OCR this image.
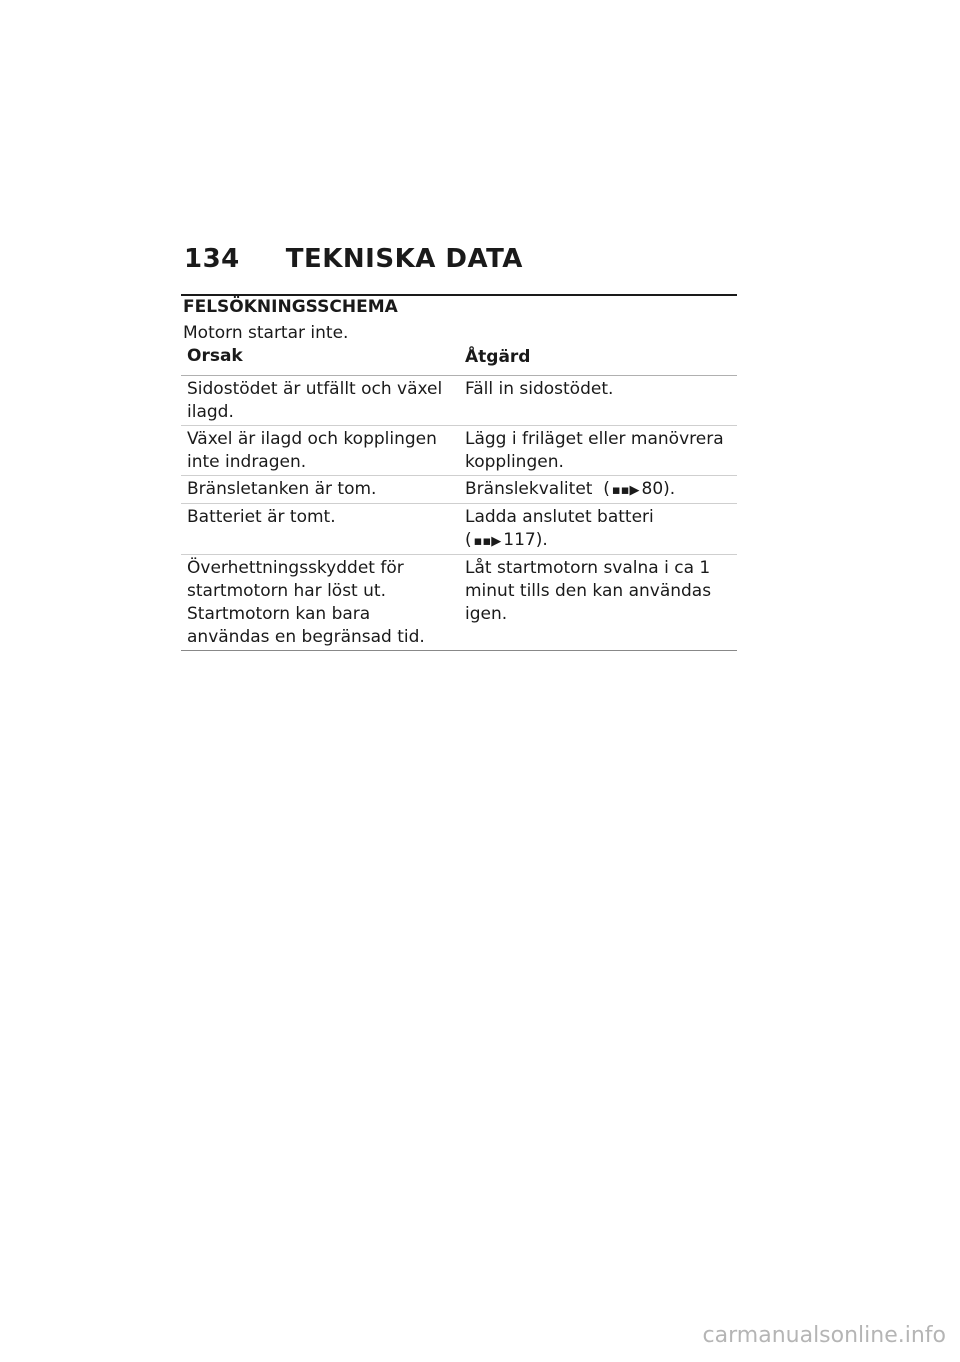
134 TEKNISKA DATA
FELSÖKNINGSSCHEMA
Motorn startar inte.
Orsak	Åtgärd
Sidostödet är utfällt och växel ilagd.	Fäll in sidostödet.
Växel är ilagd och kopplingen inte indragen.	Lägg i friläget eller manövrera kopplingen.
Bränsletanken är tom.	Bränslekvalitet  ( ▪▪▶ 80).
Batteriet är tomt.	Ladda anslutet batteri
( ▪▪▶ 117).
Överhettningsskyddet för startmotorn har löst ut. Startmotorn kan bara användas en begränsad tid.	Låt startmotorn svalna i ca 1 minut tills den kan användas igen.
carmanualsonline.info
